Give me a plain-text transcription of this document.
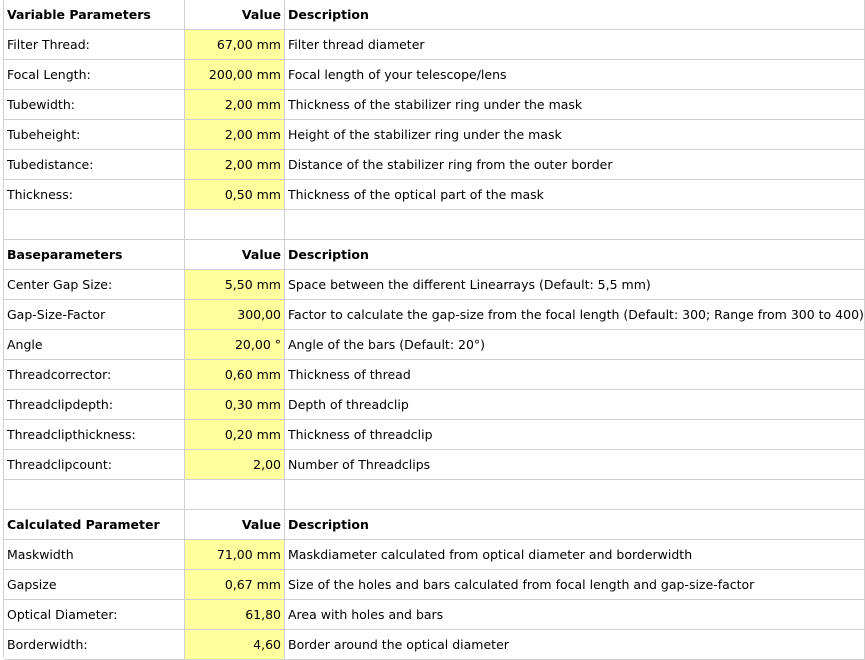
Variable Parameters	Value Description
Filter Thread:	67,00 mm Filter thread diameter
Focal Length:	200,00 mm Focal length of your telescope/lens
Tubewidth:	2,00 mm Thickness of the stabilizer ring under the mask
Tubeheight:	2,00 mm Height of the stabilizer ring under the mask
Tubedistance:	2,00 mm Distance of the stabilizer ring from the outer border
Thickness:	0,50 mm Thickness of the optical part of the mask
Baseparameters	Value Description
Center Gap Size:	5,50 mm Space between the different Linearrays (Default: 5,5 mm)
Gap-Size-Factor	300,00 Factor to calculate the gap-size from the focal length (Default: 300; Range from 300 to 400)
Angle	20,00 ° Angle of the bars (Default: 20°)
Threadcorrector:	0,60 mm Thickness of thread
Threadclipdepth:	0,30 mm Depth of threadclip
Threadclipthickness:	0,20 mm Thickness of threadclip
Threadclipcount:	2,00 Number of Threadclips
Calculated Parameter	Value Description
Maskwidth	71,00 mm Maskdiameter calculated from optical diameter and borderwidth
Gapsize	0,67 mm Size of the holes and bars calculated from focal length and gap-size-factor
Optical Diameter:	61,80 Area with holes and bars
Borderwidth:	4,60 Border around the optical diameter
